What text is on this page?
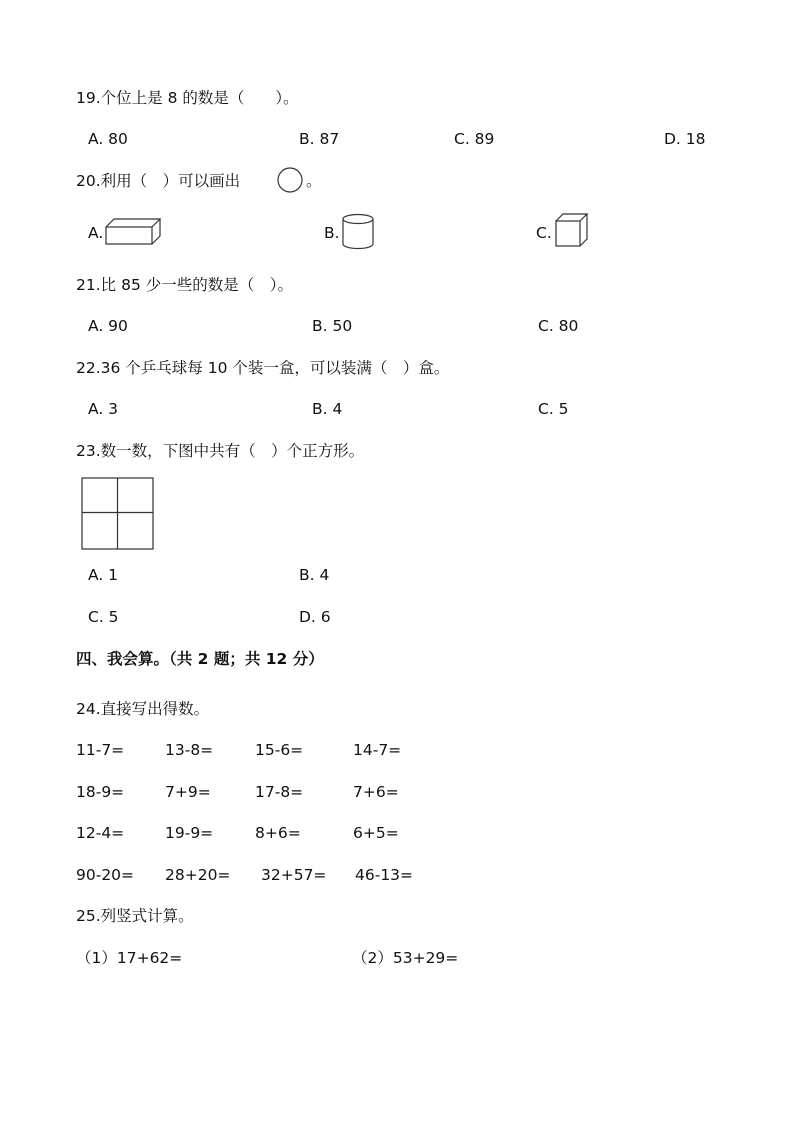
19.个位上是 8 的数是（　　）。
A. 80	B. 87	C. 89	D. 18
20.利用（　）可以画出	。
A.	B.	C.
21.比 85 少一些的数是（　）。
A. 90	B. 50	C. 80
22.36 个乒乓球每 10 个装一盒，可以装满（　）盒。
A. 3	B. 4	C. 5
23.数一数，下图中共有（　）个正方形。
A. 1	B. 4
C. 5	D. 6
四、我会算。（共 2 题；共 12 分）
24.直接写出得数。
11-7=	13-8=	15-6=	14-7=
18-9=	7+9=	17-8=	7+6=
12-4=	19-9=	8+6=	6+5=
90-20= 28+20= 32+57= 46-13=
25.列竖式计算。
（1）17+62=	（2）53+29=
